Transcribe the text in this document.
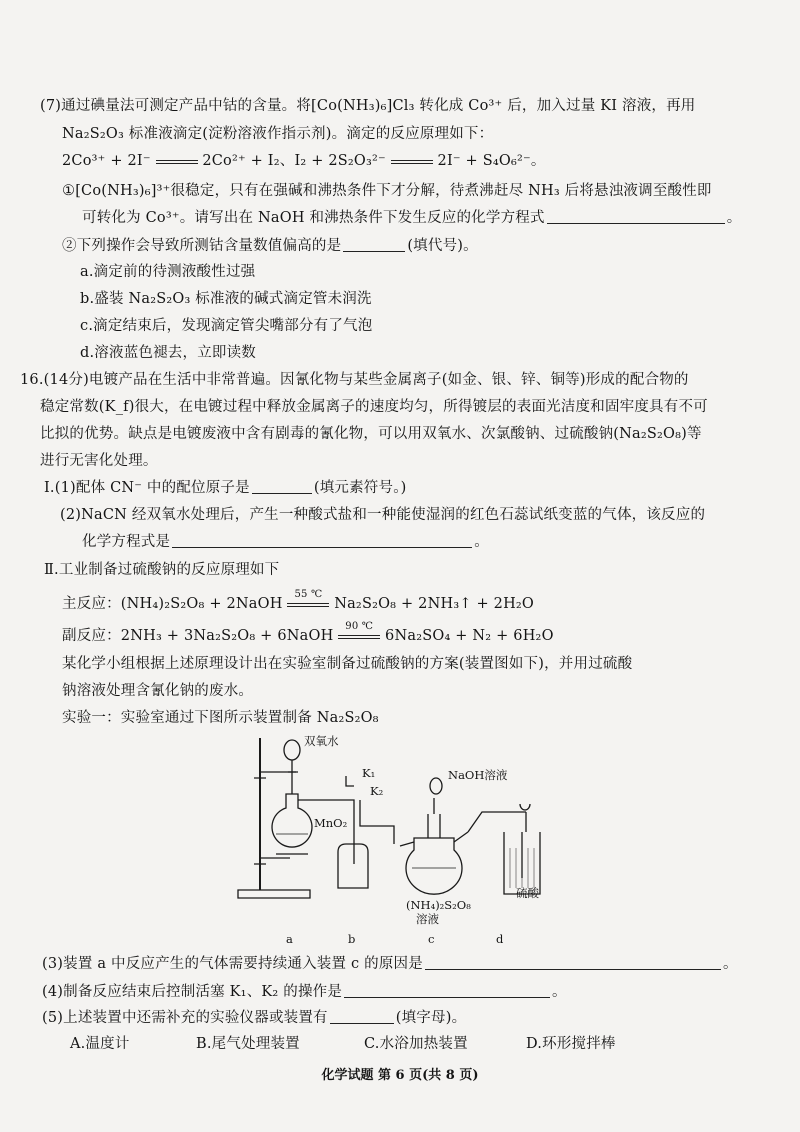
(7)通过碘量法可测定产品中钴的含量。将[Co(NH₃)₆]Cl₃ 转化成 Co³⁺ 后，加入过量 KI 溶液，再用
Na₂S₂O₃ 标准液滴定(淀粉溶液作指示剂)。滴定的反应原理如下：
2Co³⁺ + 2I⁻	2Co²⁺ + I₂、I₂ + 2S₂O₃²⁻	2I⁻ + S₄O₆²⁻。
①[Co(NH₃)₆]³⁺很稳定，只有在强碱和沸热条件下才分解，待煮沸赶尽 NH₃ 后将悬浊液调至酸性即
可转化为 Co³⁺。请写出在 NaOH 和沸热条件下发生反应的化学方程式	。
②下列操作会导致所测钴含量数值偏高的是	(填代号)。
a.滴定前的待测液酸性过强
b.盛装 Na₂S₂O₃ 标准液的碱式滴定管未润洗
c.滴定结束后，发现滴定管尖嘴部分有了气泡
d.溶液蓝色褪去，立即读数
16.(14分)电镀产品在生活中非常普遍。因氰化物与某些金属离子(如金、银、锌、铜等)形成的配合物的
稳定常数(K_f)很大，在电镀过程中释放金属离子的速度均匀，所得镀层的表面光洁度和固牢度具有不可
比拟的优势。缺点是电镀废液中含有剧毒的氰化物，可以用双氧水、次氯酸钠、过硫酸钠(Na₂S₂O₈)等
进行无害化处理。
Ⅰ.(1)配体 CN⁻ 中的配位原子是	(填元素符号。)
(2)NaCN 经双氧水处理后，产生一种酸式盐和一种能使湿润的红色石蕊试纸变蓝的气体，该反应的
化学方程式是	。
Ⅱ.工业制备过硫酸钠的反应原理如下
主反应：(NH₄)₂S₂O₈ + 2NaOH
55 ℃
Na₂S₂O₈ + 2NH₃↑ + 2H₂O
副反应：2NH₃ + 3Na₂S₂O₈ + 6NaOH
90 ℃
6Na₂SO₄ + N₂ + 6H₂O
某化学小组根据上述原理设计出在实验室制备过硫酸钠的方案(装置图如下)，并用过硫酸
钠溶液处理含氰化钠的废水。
实验一：实验室通过下图所示装置制备 Na₂S₂O₈
双氧水
K₁
K₂
MnO₂
NaOH溶液
(NH₄)₂S₂O₈
溶液
硫酸
a	b	c	d
(3)装置 a 中反应产生的气体需要持续通入装置 c 的原因是	。
(4)制备反应结束后控制活塞 K₁、K₂ 的操作是	。
(5)上述装置中还需补充的实验仪器或装置有	(填字母)。
A.温度计	B.尾气处理装置	C.水浴加热装置	D.环形搅拌棒
化学试题 第 6 页(共 8 页)
